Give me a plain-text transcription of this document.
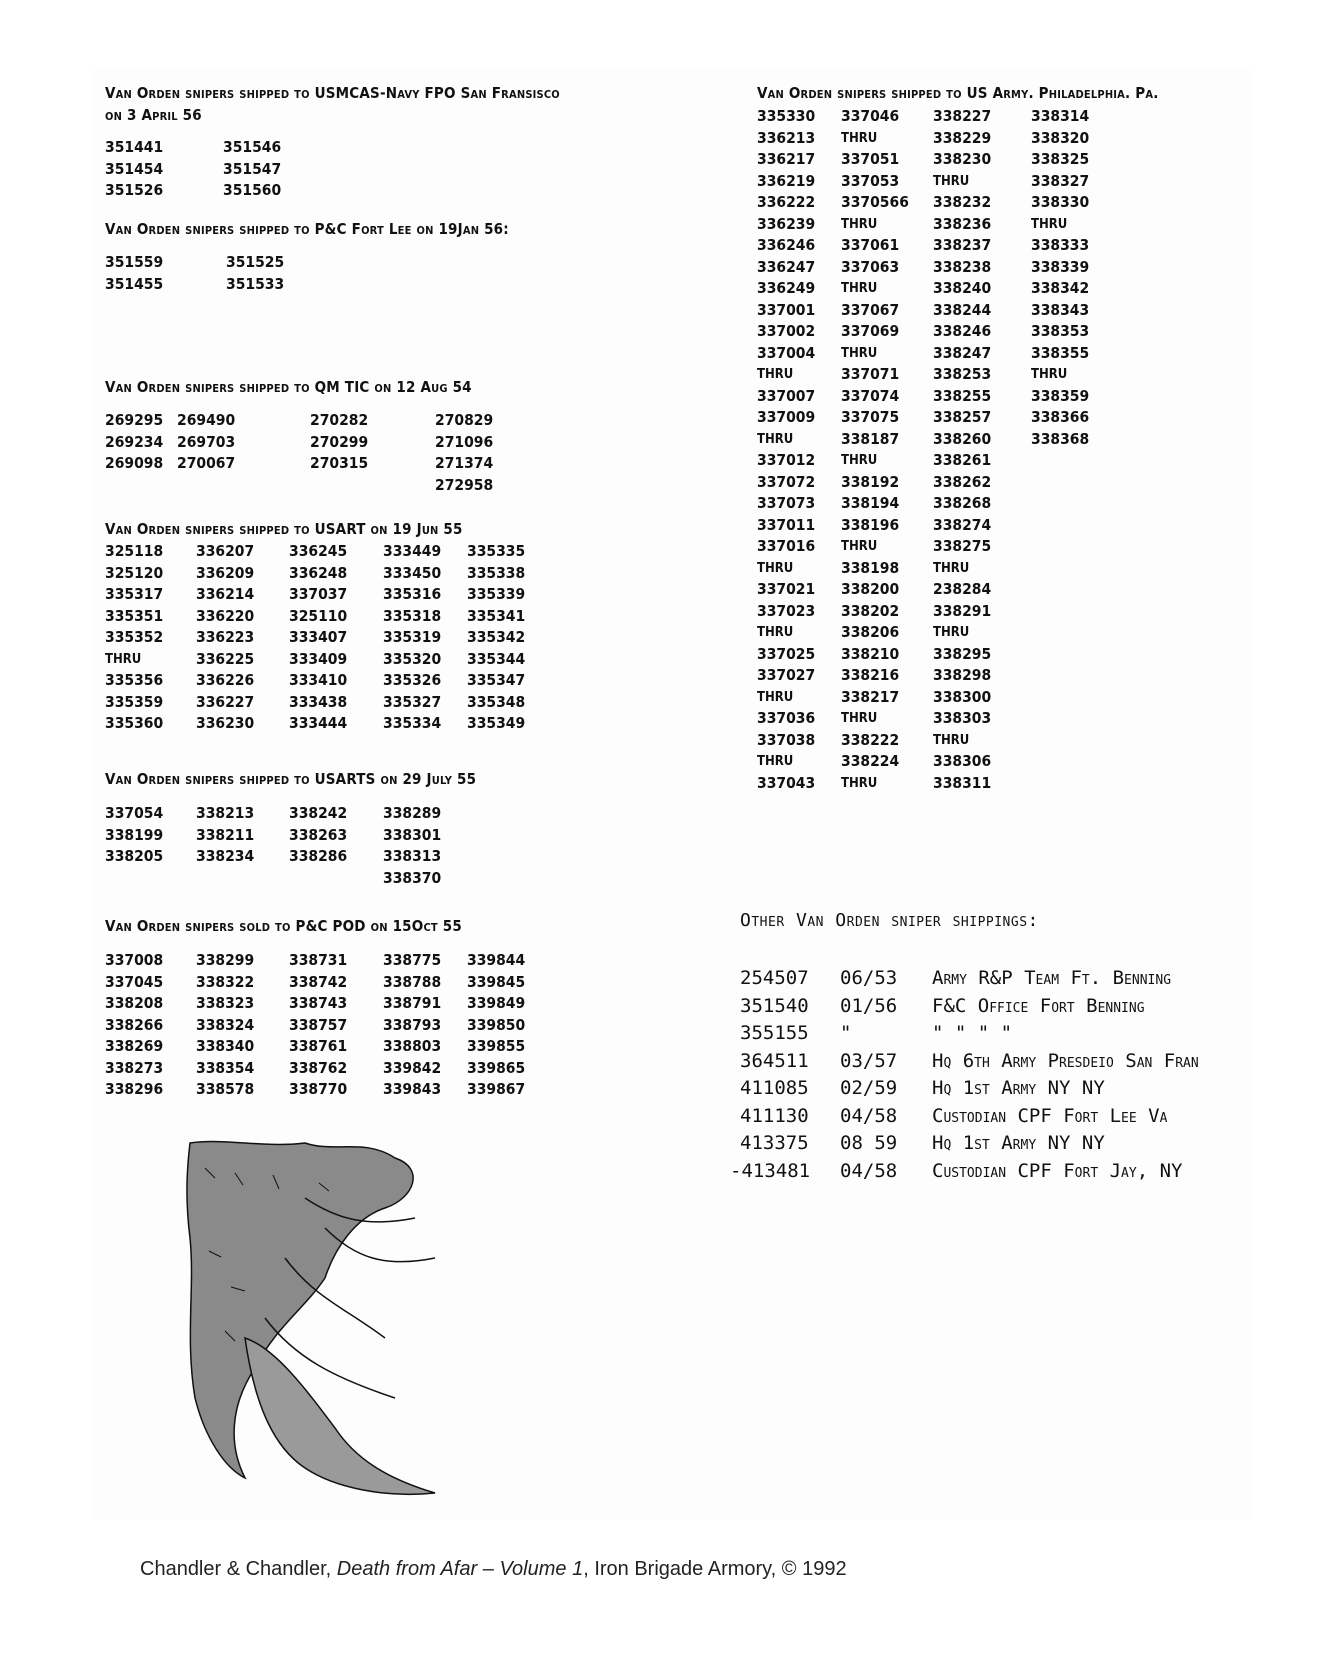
Van Orden snipers shipped to USMCAS-Navy FPO San Fransisco
on 3 April 56
351441
351454
351526
351546
351547
351560
Van Orden snipers shipped to P&C Fort Lee on 19Jan 56:
351559
351455
351525
351533
Van Orden snipers shipped to QM TIC on 12 Aug 54
269295
269234
269098
269490
269703
270067
270282
270299
270315
270829
271096
271374
272958
Van Orden snipers shipped to USART on 19 Jun 55
325118
325120
335317
335351
335352
THRU
335356
335359
335360
336207
336209
336214
336220
336223
336225
336226
336227
336230
336245
336248
337037
325110
333407
333409
333410
333438
333444
333449
333450
335316
335318
335319
335320
335326
335327
335334
335335
335338
335339
335341
335342
335344
335347
335348
335349
Van Orden snipers shipped to USARTS on 29 July 55
337054
338199
338205
338213
338211
338234
338242
338263
338286
338289
338301
338313
338370
Van Orden snipers sold to P&C POD on 15Oct 55
337008
337045
338208
338266
338269
338273
338296
338299
338322
338323
338324
338340
338354
338578
338731
338742
338743
338757
338761
338762
338770
338775
338788
338791
338793
338803
339842
339843
339844
339845
339849
339850
339855
339865
339867
Van Orden snipers shipped to US Army. Philadelphia. Pa.
335330
336213
336217
336219
336222
336239
336246
336247
336249
337001
337002
337004
THRU
337007
337009
THRU
337012
337072
337073
337011
337016
THRU
337021
337023
THRU
337025
337027
THRU
337036
337038
THRU
337043
337046
THRU
337051
337053
3370566
THRU
337061
337063
THRU
337067
337069
THRU
337071
337074
337075
338187
THRU
338192
338194
338196
THRU
338198
338200
338202
338206
338210
338216
338217
THRU
338222
338224
THRU
338227
338229
338230
THRU
338232
338236
338237
338238
338240
338244
338246
338247
338253
338255
338257
338260
338261
338262
338268
338274
338275
THRU
238284
338291
THRU
338295
338298
338300
338303
THRU
338306
338311
338314
338320
338325
338327
338330
THRU
338333
338339
338342
338343
338353
338355
THRU
338359
338366
338368
Other Van Orden sniper shippings:
254507 06/53 Army R&P Team Ft. Benning
351540 01/56 F&C Office Fort Benning
355155 "	" " " "
364511 03/57 Hq 6th Army Presdeio San Fran
411085 02/59 Hq 1st Army NY NY
411130 04/58 Custodian CPF Fort Lee Va
413375 08 59 Hq 1st Army NY NY
-413481 04/58 Custodian CPF Fort Jay, NY
Chandler & Chandler, Death from Afar – Volume 1, Iron Brigade Armory, © 1992
